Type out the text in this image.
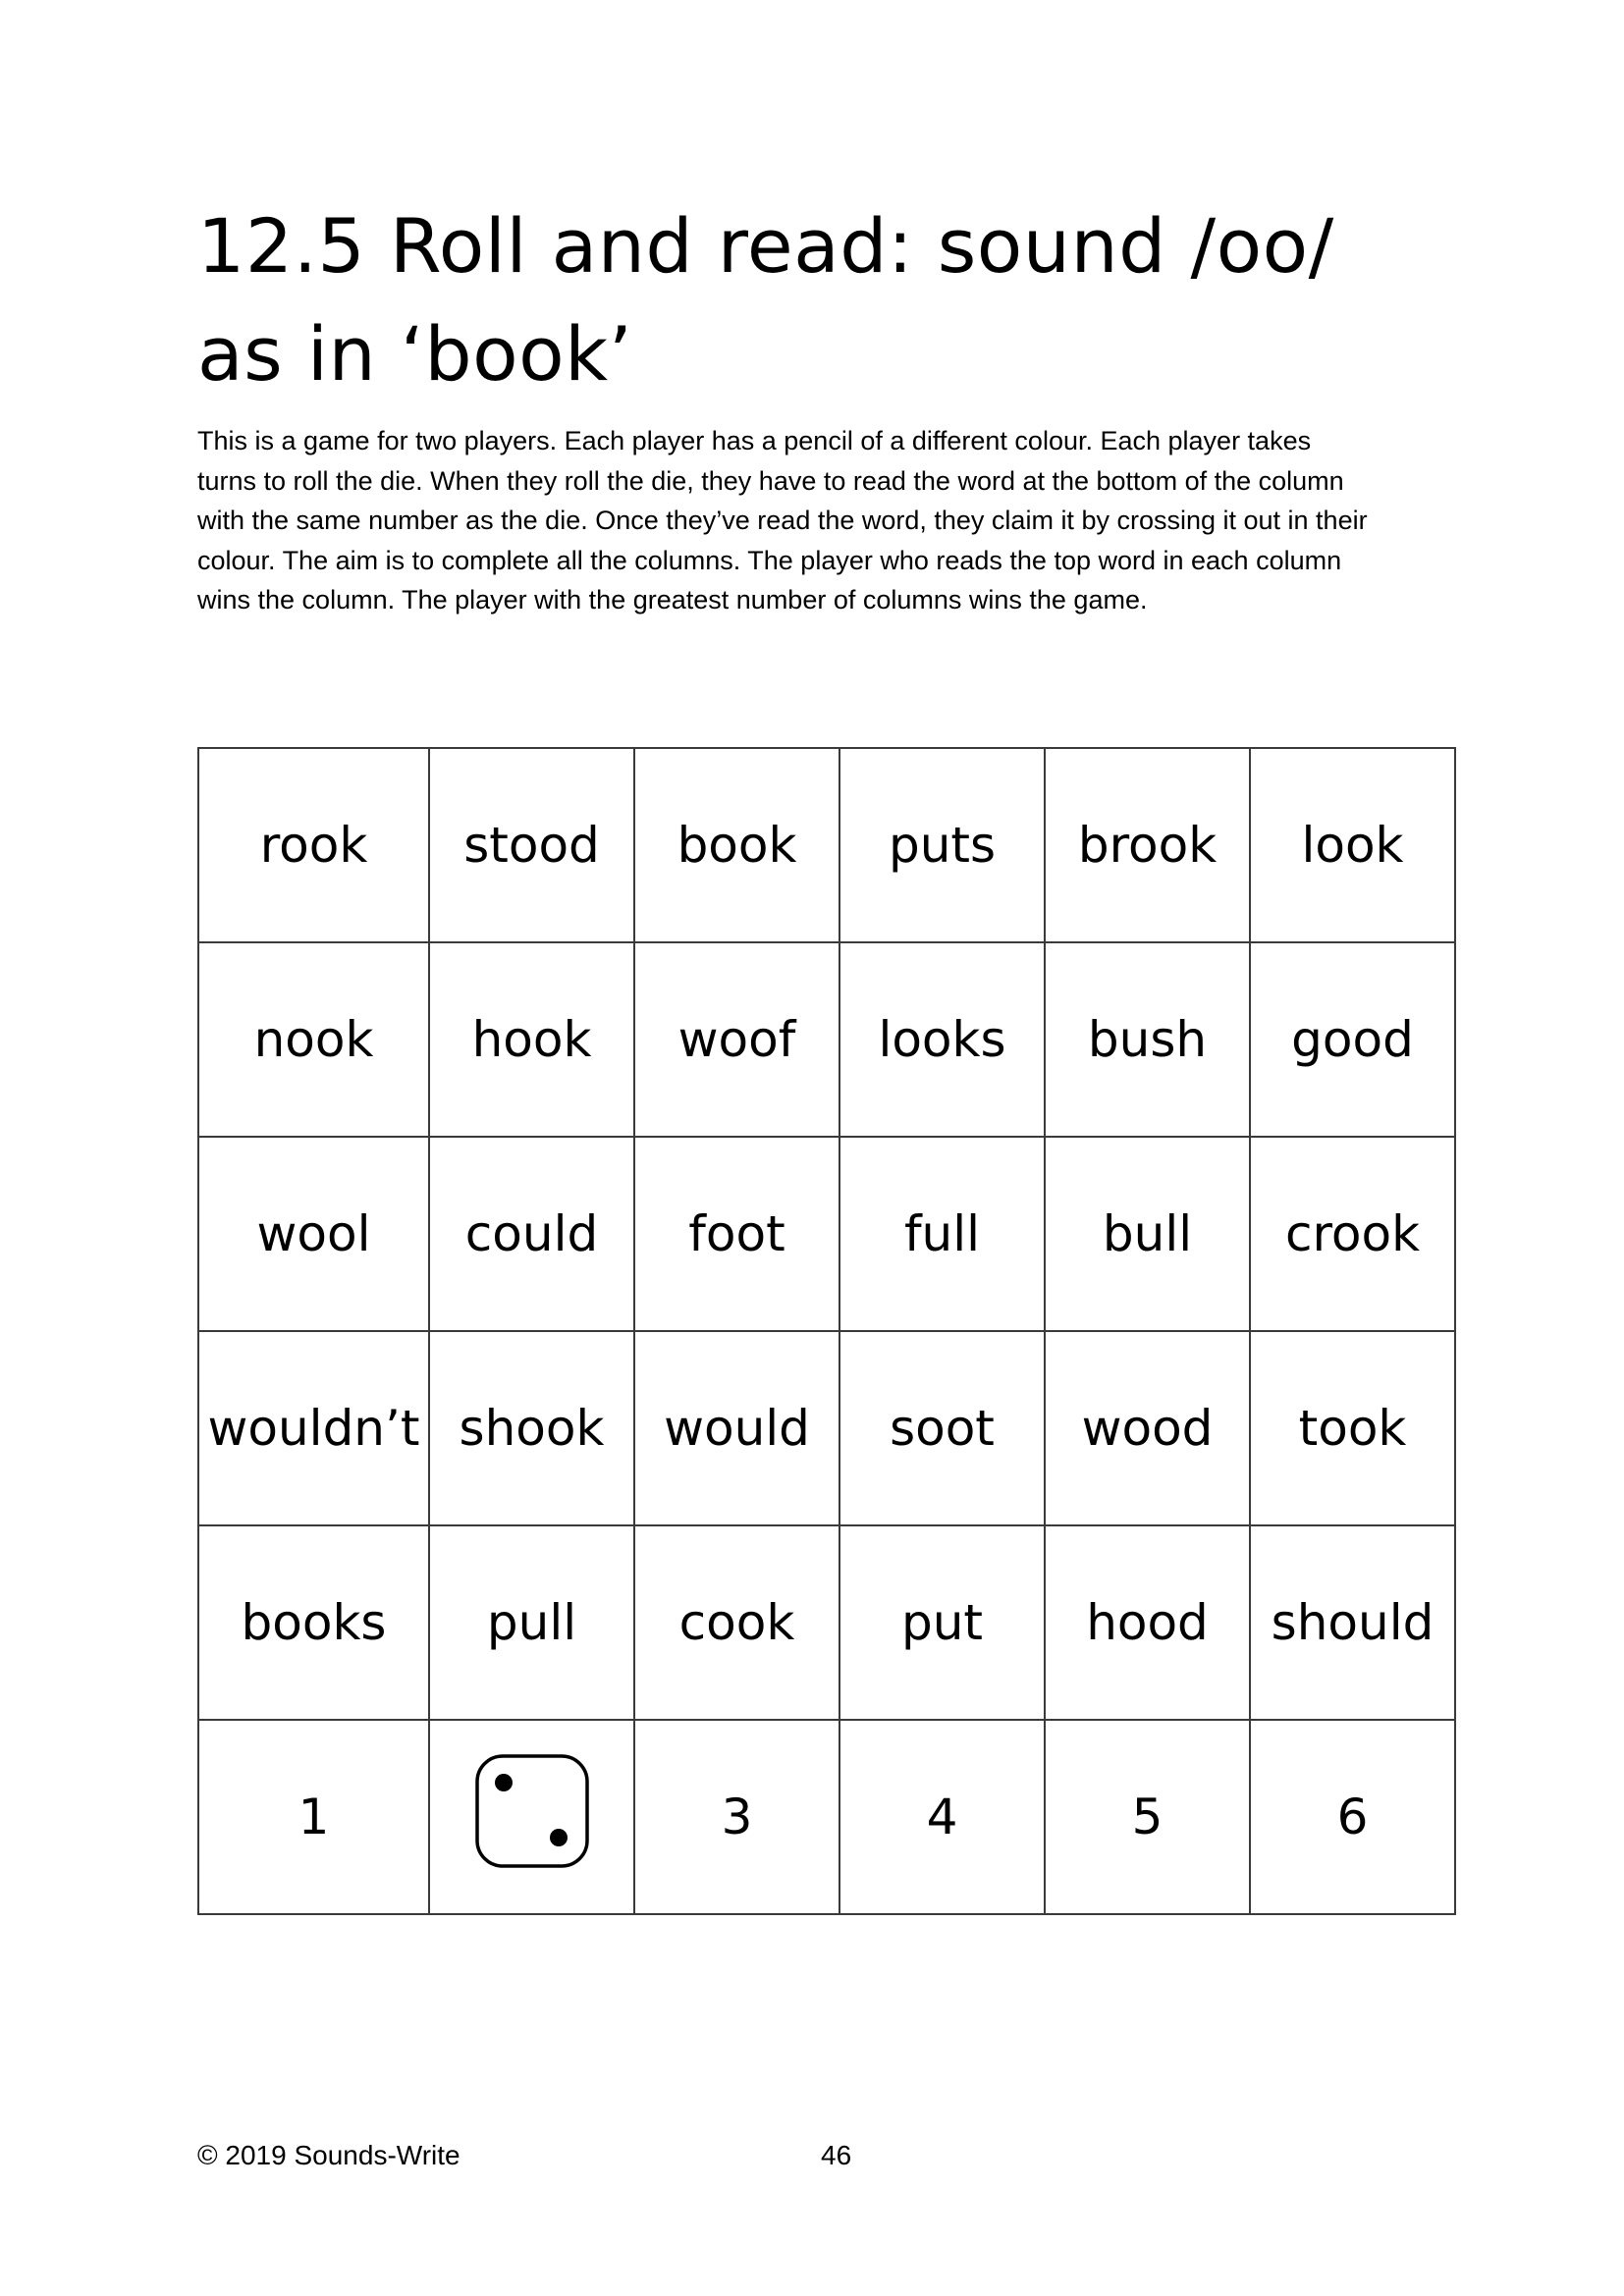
12.5 Roll and read: sound /oo/ as in ‘book’

This is a game for two players. Each player has a pencil of a different colour. Each player takes turns to roll the die. When they roll the die, they have to read the word at the bottom of the column with the same number as the die. Once they’ve read the word, they claim it by crossing it out in their colour. The aim is to complete all the columns. The player who reads the top word in each column wins the column. The player with the greatest number of columns wins the game.

rook	stood	book	puts	brook	look
nook	hook	woof	looks	bush	good
wool	could	foot	full	bull	crook
wouldn’t	shook	would	soot	wood	took
books	pull	cook	put	hood	should
1		3	4	5	6
© 2019 Sounds-Write	46
